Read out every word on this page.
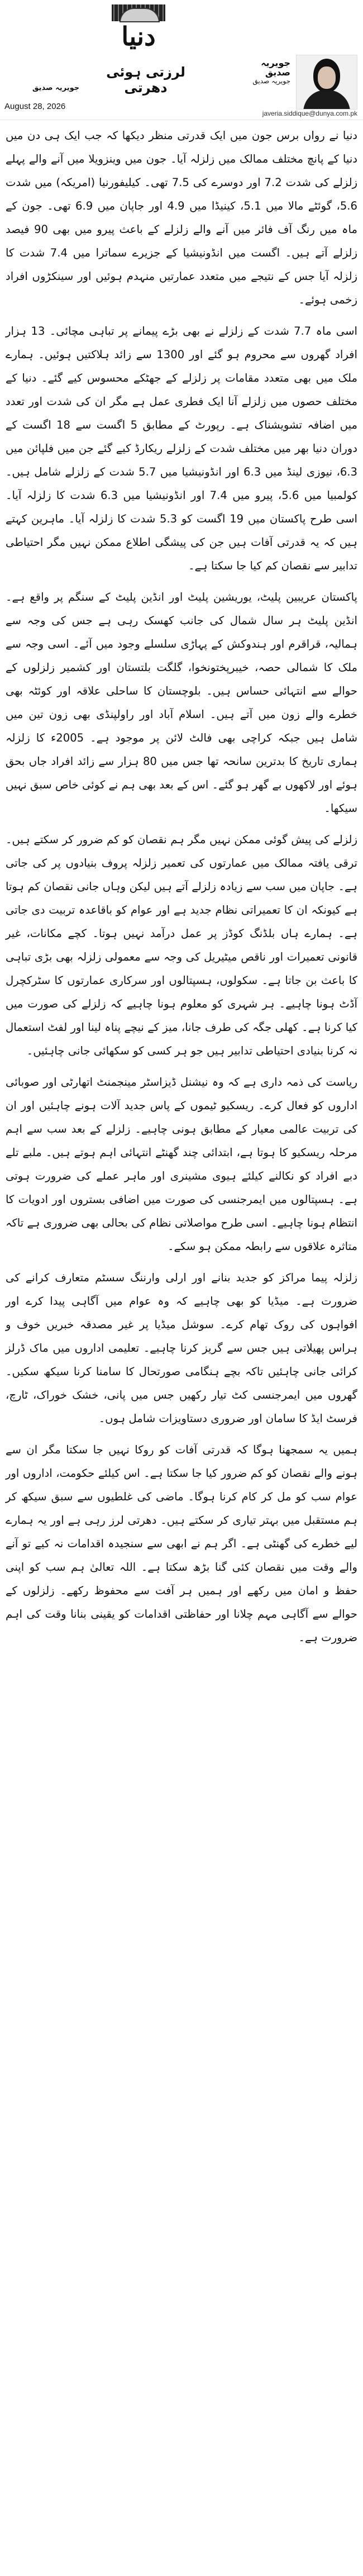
دنیا
لرزتی ہوئی دھرتی
جویریہ صدیق
August 28, 2026
جویریہ صدیق
جویریہ صدیق
javeria.siddique@dunya.com.pk

دنیا نے رواں برس جون میں ایک قدرتی منظر دیکھا کہ جب ایک ہی دن میں دنیا کے پانچ مختلف ممالک میں زلزلہ آیا۔ جون میں وینزویلا میں آنے والے پہلے زلزلے کی شدت 7.2 اور دوسرے کی 7.5 تھی۔ کیلیفورنیا (امریکہ) میں شدت 5.6، گوئٹے مالا میں 5.1، کینیڈا میں 4.9 اور جاپان میں 6.9 تھی۔ جون کے ماہ میں رنگ آف فائر میں آنے والے زلزلے کے باعث پیرو میں بھی 90 فیصد زلزلے آتے ہیں۔ اگست میں انڈونیشیا کے جزیرے سماترا میں 7.4 شدت کا زلزلہ آیا جس کے نتیجے میں متعدد عمارتیں منہدم ہوئیں اور سینکڑوں افراد زخمی ہوئے۔

اسی ماہ 7.7 شدت کے زلزلے نے بھی بڑے پیمانے پر تباہی مچائی۔ 13 ہزار افراد گھروں سے محروم ہو گئے اور 1300 سے زائد ہلاکتیں ہوئیں۔ ہمارے ملک میں بھی متعدد مقامات پر زلزلے کے جھٹکے محسوس کیے گئے۔ دنیا کے مختلف حصوں میں زلزلے آنا ایک فطری عمل ہے مگر ان کی شدت اور تعدد میں اضافہ تشویشناک ہے۔ رپورٹ کے مطابق 5 اگست سے 18 اگست کے دوران دنیا بھر میں مختلف شدت کے زلزلے ریکارڈ کیے گئے جن میں فلپائن میں 6.3، نیوزی لینڈ میں 6.3 اور انڈونیشیا میں 5.7 شدت کے زلزلے شامل ہیں۔ کولمبیا میں 5.6، پیرو میں 7.4 اور انڈونیشیا میں 6.3 شدت کا زلزلہ آیا۔ اسی طرح پاکستان میں 19 اگست کو 5.3 شدت کا زلزلہ آیا۔ ماہرین کہتے ہیں کہ یہ قدرتی آفات ہیں جن کی پیشگی اطلاع ممکن نہیں مگر احتیاطی تدابیر سے نقصان کم کیا جا سکتا ہے۔

پاکستان عریبین پلیٹ، یوریشین پلیٹ اور انڈین پلیٹ کے سنگم پر واقع ہے۔ انڈین پلیٹ ہر سال شمال کی جانب کھسک رہی ہے جس کی وجہ سے ہمالیہ، قراقرم اور ہندوکش کے پہاڑی سلسلے وجود میں آئے۔ اسی وجہ سے ملک کا شمالی حصہ، خیبرپختونخوا، گلگت بلتستان اور کشمیر زلزلوں کے حوالے سے انتہائی حساس ہیں۔ بلوچستان کا ساحلی علاقہ اور کوئٹہ بھی خطرے والے زون میں آتے ہیں۔ اسلام آباد اور راولپنڈی بھی زون تین میں شامل ہیں جبکہ کراچی بھی فالٹ لائن پر موجود ہے۔ 2005ء کا زلزلہ ہماری تاریخ کا بدترین سانحہ تھا جس میں 80 ہزار سے زائد افراد جاں بحق ہوئے اور لاکھوں بے گھر ہو گئے۔ اس کے بعد بھی ہم نے کوئی خاص سبق نہیں سیکھا۔

زلزلے کی پیش گوئی ممکن نہیں مگر ہم نقصان کو کم ضرور کر سکتے ہیں۔ ترقی یافتہ ممالک میں عمارتوں کی تعمیر زلزلہ پروف بنیادوں پر کی جاتی ہے۔ جاپان میں سب سے زیادہ زلزلے آتے ہیں لیکن وہاں جانی نقصان کم ہوتا ہے کیونکہ ان کا تعمیراتی نظام جدید ہے اور عوام کو باقاعدہ تربیت دی جاتی ہے۔ ہمارے ہاں بلڈنگ کوڈز پر عمل درآمد نہیں ہوتا۔ کچے مکانات، غیر قانونی تعمیرات اور ناقص میٹیریل کی وجہ سے معمولی زلزلہ بھی بڑی تباہی کا باعث بن جاتا ہے۔ سکولوں، ہسپتالوں اور سرکاری عمارتوں کا سٹرکچرل آڈٹ ہونا چاہیے۔ ہر شہری کو معلوم ہونا چاہیے کہ زلزلے کی صورت میں کیا کرنا ہے۔ کھلی جگہ کی طرف جانا، میز کے نیچے پناہ لینا اور لفٹ استعمال نہ کرنا بنیادی احتیاطی تدابیر ہیں جو ہر کسی کو سکھائی جانی چاہئیں۔

ریاست کی ذمہ داری ہے کہ وہ نیشنل ڈیزاسٹر مینجمنٹ اتھارٹی اور صوبائی اداروں کو فعال کرے۔ ریسکیو ٹیموں کے پاس جدید آلات ہونے چاہئیں اور ان کی تربیت عالمی معیار کے مطابق ہونی چاہیے۔ زلزلے کے بعد سب سے اہم مرحلہ ریسکیو کا ہوتا ہے، ابتدائی چند گھنٹے انتہائی اہم ہوتے ہیں۔ ملبے تلے دبے افراد کو نکالنے کیلئے ہیوی مشینری اور ماہر عملے کی ضرورت ہوتی ہے۔ ہسپتالوں میں ایمرجنسی کی صورت میں اضافی بستروں اور ادویات کا انتظام ہونا چاہیے۔ اسی طرح مواصلاتی نظام کی بحالی بھی ضروری ہے تاکہ متاثرہ علاقوں سے رابطہ ممکن ہو سکے۔

زلزلہ پیما مراکز کو جدید بنانے اور ارلی وارننگ سسٹم متعارف کرانے کی ضرورت ہے۔ میڈیا کو بھی چاہیے کہ وہ عوام میں آگاہی پیدا کرے اور افواہوں کی روک تھام کرے۔ سوشل میڈیا پر غیر مصدقہ خبریں خوف و ہراس پھیلاتی ہیں جس سے گریز کرنا چاہیے۔ تعلیمی اداروں میں ماک ڈرلز کرائی جانی چاہئیں تاکہ بچے ہنگامی صورتحال کا سامنا کرنا سیکھ سکیں۔ گھروں میں ایمرجنسی کٹ تیار رکھیں جس میں پانی، خشک خوراک، ٹارچ، فرسٹ ایڈ کا سامان اور ضروری دستاویزات شامل ہوں۔

ہمیں یہ سمجھنا ہوگا کہ قدرتی آفات کو روکا نہیں جا سکتا مگر ان سے ہونے والے نقصان کو کم ضرور کیا جا سکتا ہے۔ اس کیلئے حکومت، اداروں اور عوام سب کو مل کر کام کرنا ہوگا۔ ماضی کی غلطیوں سے سبق سیکھ کر ہم مستقبل میں بہتر تیاری کر سکتے ہیں۔ دھرتی لرز رہی ہے اور یہ ہمارے لیے خطرے کی گھنٹی ہے۔ اگر ہم نے ابھی سے سنجیدہ اقدامات نہ کیے تو آنے والے وقت میں نقصان کئی گنا بڑھ سکتا ہے۔ اللہ تعالیٰ ہم سب کو اپنی حفظ و امان میں رکھے اور ہمیں ہر آفت سے محفوظ رکھے۔ زلزلوں کے حوالے سے آگاہی مہم چلانا اور حفاظتی اقدامات کو یقینی بنانا وقت کی اہم ضرورت ہے۔
